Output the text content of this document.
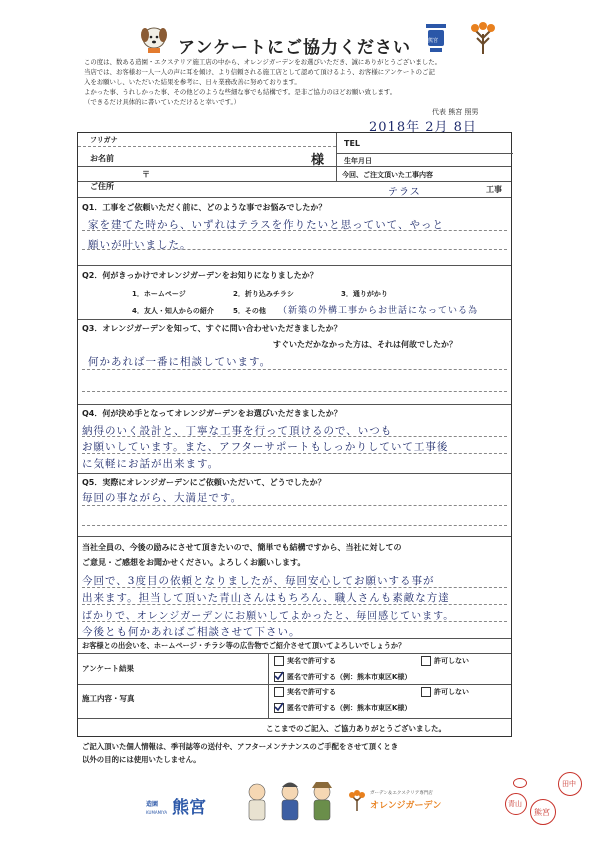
アンケートにご協力ください	熊宮
この度は、数ある造園・エクステリア施工店の中から、オレンジガーデンをお選びいただき、誠にありがとうございました。
当店では、お客様お一人一人の声に耳を傾け、より信頼される施工店として認めて頂けるよう、お客様にアンケートのご記
入をお願いし、いただいた結果を参考に、日々業務改善に努めております。
よかった事、うれしかった事、その他どのような些細な事でも結構です。是非ご協力のほどお願い致します。
（できるだけ具体的に書いていただけると幸いです。）
代表 熊宮 照男
2018年 2月 8日
フリガナ
お名前	様
ご住所
〒
TEL
生年月日
今回、ご注文頂いた工事内容
テラス	工事
Q1．工事をご依頼いただく前に、どのような事でお悩みでしたか？
家を建てた時から、いずれはテラスを作りたいと思っていて、やっと
願いが叶いました。
Q2．何がきっかけでオレンジガーデンをお知りになりましたか？
1．ホームページ	2．折り込みチラシ	3．通りがかり
4．友人・知人からの紹介	5．その他 （新築の外構工事からお世話になっている為
Q3．オレンジガーデンを知って、すぐに問い合わせいただきましたか？
すぐいただかなかった方は、それは何故でしたか？
何かあれば一番に相談しています。
Q4．何が決め手となってオレンジガーデンをお選びいただきましたか？
納得のいく設計と、丁寧な工事を行って頂けるので、いつも
お願いしています。また、アフターサポートもしっかりしていて工事後
に気軽にお話が出来ます。
Q5．実際にオレンジガーデンにご依頼いただいて、どうでしたか？
毎回の事ながら、大満足です。
当社全員の、今後の励みにさせて頂きたいので、簡単でも結構ですから、当社に対しての
ご意見・ご感想をお聞かせください。よろしくお願いします。
今回で、3度目の依頼となりましたが、毎回安心してお願いする事が
出来ます。担当して頂いた青山さんはもちろん、職人さんも素敵な方達
ばかりで、オレンジガーデンにお願いしてよかったと、毎回感じています。
今後とも何かあればご相談させて下さい。
お客様との出会いを、ホームページ・チラシ等の広告物でご紹介させて頂いてよろしいでしょうか？
アンケート結果
実名で許可する	許可しない
匿名で許可する（例：熊本市東区K様）
施工内容・写真
実名で許可する	許可しない
匿名で許可する（例：熊本市東区K様）
ここまでのご記入、ご協力ありがとうございました。
ご記入頂いた個人情報は、季刊誌等の送付や、アフターメンテナンスのご手配をさせて頂くとき
以外の目的には使用いたしません。
造園 熊宮
KUMAMIYA
ガーデン＆エクステリア専門店
オレンジガーデン	青山
熊宮
田中
